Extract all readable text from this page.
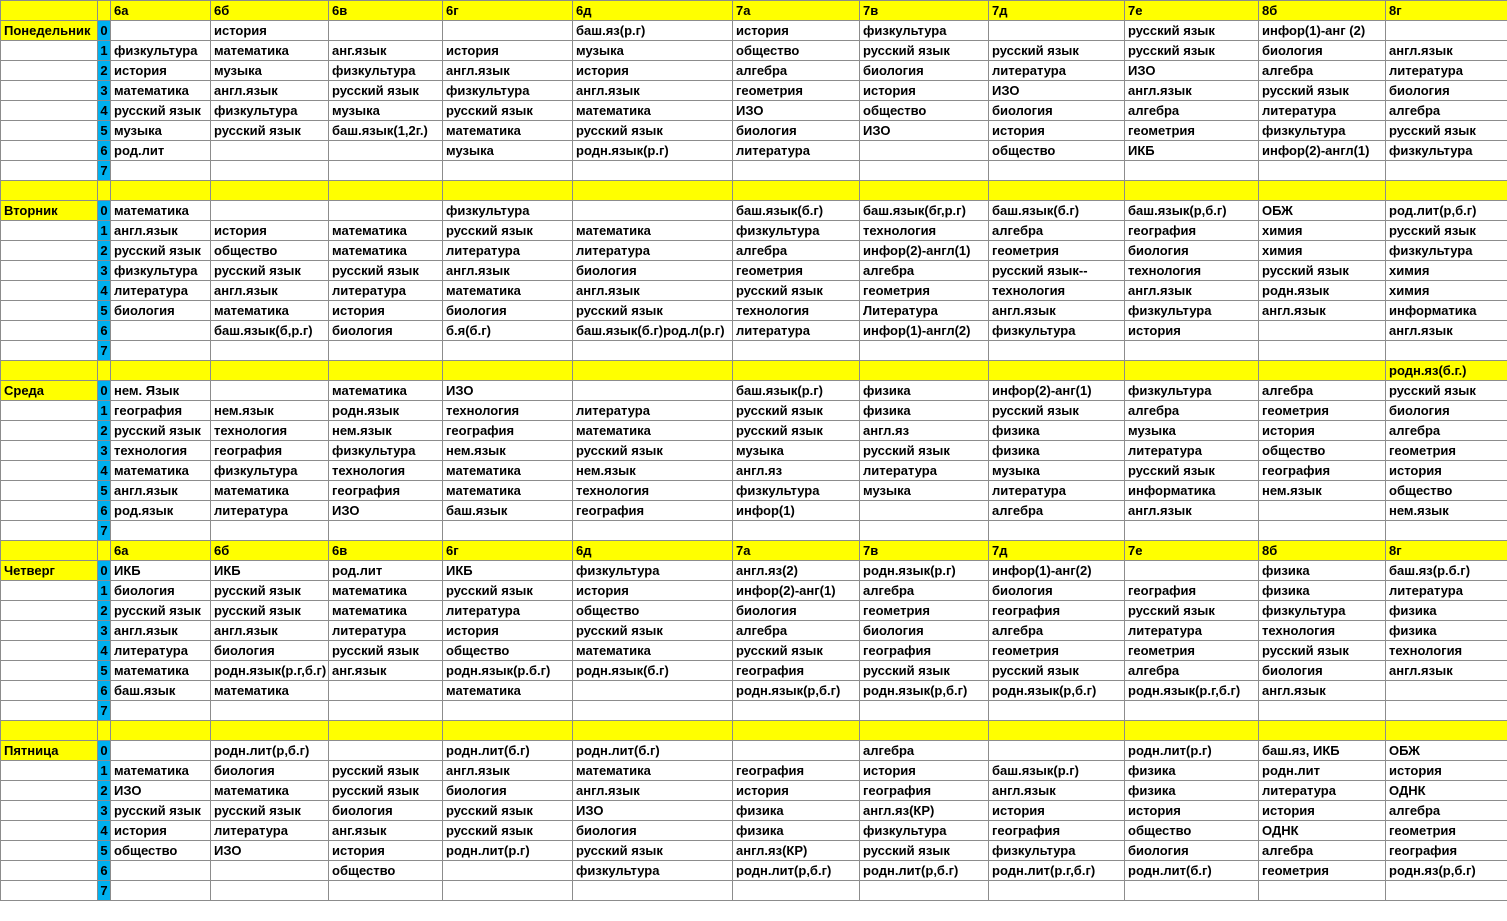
		6а	6б	6в	6г	6д	7а	7в	7д	7е	8б	8г
Понедельник	0		история			баш.яз(р.г)	история	физкультура		русский язык	инфор(1)-анг (2)	
	1	физкультура	математика	анг.язык	история	музыка	общество	русский язык	русский язык	русский язык	биология	англ.язык
	2	история	музыка	физкультура	англ.язык	история	алгебра	биология	литература	ИЗО	алгебра	литература
	3	математика	англ.язык	русский язык	физкультура	англ.язык	геометрия	история	ИЗО	англ.язык	русский язык	биология
	4	русский язык	физкультура	музыка	русский язык	математика	ИЗО	общество	биология	алгебра	литература	алгебра
	5	музыка	русский язык	баш.язык(1,2г.)	математика	русский язык	биология	ИЗО	история	геометрия	физкультура	русский язык
	6	род.лит			музыка	родн.язык(р.г)	литература		общество	ИКБ	инфор(2)-англ(1)	физкультура
	7											

Вторник	0	математика			физкультура		баш.язык(б.г)	баш.язык(бг,р.г)	баш.язык(б.г)	баш.язык(р,б.г)	ОБЖ	род.лит(р,б.г)
	1	англ.язык	история	математика	русский язык	математика	физкультура	технология	алгебра	география	химия	русский язык
	2	русский язык	общество	математика	литература	литература	алгебра	инфор(2)-англ(1)	геометрия	биология	химия	физкультура
	3	физкультура	русский язык	русский язык	англ.язык	биология	геометрия	алгебра	русский язык--	технология	русский язык	химия
	4	литература	англ.язык	литература	математика	англ.язык	русский язык	геометрия	технология	англ.язык	родн.язык	химия
	5	биология	математика	история	биология	русский язык	технология	Литература	англ.язык	физкультура	англ.язык	информатика
	6		баш.язык(б,р.г)	биология	б.я(б.г)	баш.язык(б.г)род.л(р.г)	литература	инфор(1)-англ(2)	физкультура	история		англ.язык
	7											
												родн.яз(б.г.)
Среда	0	нем. Язык		математика	ИЗО		баш.язык(р.г)	физика	инфор(2)-анг(1)	физкультура	алгебра	русский язык
	1	география	нем.язык	родн.язык	технология	литература	русский язык	физика	русский язык	алгебра	геометрия	биология
	2	русский язык	технология	нем.язык	география	математика	русский язык	англ.яз	физика	музыка	история	алгебра
	3	технология	география	физкультура	нем.язык	русский язык	музыка	русский язык	физика	литература	общество	геометрия
	4	математика	физкультура	технология	математика	нем.язык	англ.яз	литература	музыка	русский язык	география	история
	5	англ.язык	математика	география	математика	технология	физкультура	музыка	литература	информатика	нем.язык	общество
	6	род.язык	литература	ИЗО	баш.язык	география	инфор(1)		алгебра	англ.язык		нем.язык
	7											
		6а	6б	6в	6г	6д	7а	7в	7д	7е	8б	8г
Четверг	0	ИКБ	ИКБ	род.лит	ИКБ	физкультура	англ.яз(2)	родн.язык(р.г)	инфор(1)-анг(2)		физика	баш.яз(р.б.г)
	1	биология	русский язык	математика	русский язык	история	инфор(2)-анг(1)	алгебра	биология	география	физика	литература
	2	русский язык	русский язык	математика	литература	общество	биология	геометрия	география	русский язык	физкультура	физика
	3	англ.язык	англ.язык	литература	история	русский язык	алгебра	биология	алгебра	литература	технология	физика
	4	литература	биология	русский язык	общество	математика	русский язык	география	геометрия	геометрия	русский язык	технология
	5	математика	родн.язык(р.г,б.г)	анг.язык	родн.язык(р.б.г)	родн.язык(б.г)	география	русский язык	русский язык	алгебра	биология	англ.язык
	6	баш.язык	математика		математика		родн.язык(р,б.г)	родн.язык(р,б.г)	родн.язык(р,б.г)	родн.язык(р.г,б.г)	англ.язык	
	7											

Пятница	0		родн.лит(р,б.г)		родн.лит(б.г)	родн.лит(б.г)		алгебра		родн.лит(р.г)	баш.яз, ИКБ	ОБЖ
	1	математика	биология	русский язык	англ.язык	математика	география	история	баш.язык(р.г)	физика	родн.лит	история
	2	ИЗО	математика	русский язык	биология	англ.язык	история	география	англ.язык	физика	литература	ОДНК
	3	русский язык	русский язык	биология	русский язык	ИЗО	физика	англ.яз(КР)	история	история	история	алгебра
	4	история	литература	анг.язык	русский язык	биология	физика	физкультура	география	общество	ОДНК	геометрия
	5	общество	ИЗО	история	родн.лит(р.г)	русский язык	англ.яз(КР)	русский язык	физкультура	биология	алгебра	география
	6			общество		физкультура	родн.лит(р,б.г)	родн.лит(р,б.г)	родн.лит(р.г,б.г)	родн.лит(б.г)	геометрия	родн.яз(р,б.г)
	7											
